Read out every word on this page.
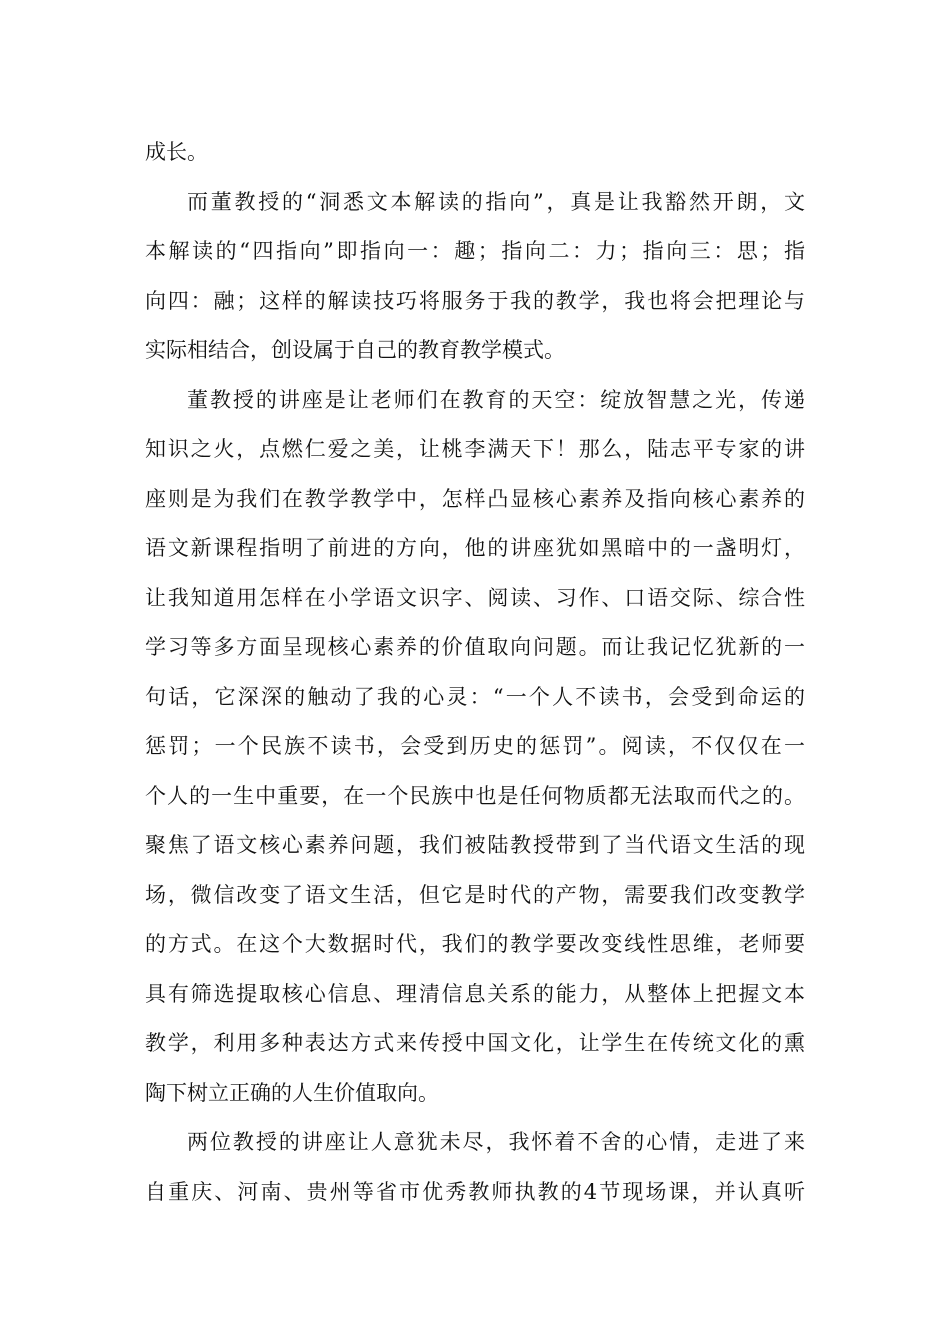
成长。
而董教授的“洞悉文本解读的指向”，真是让我豁然开朗，文
本解读的“四指向”即指向一：趣；指向二：力；指向三：思；指
向四：融；这样的解读技巧将服务于我的教学，我也将会把理论与
实际相结合，创设属于自己的教育教学模式。
董教授的讲座是让老师们在教育的天空：绽放智慧之光，传递
知识之火，点燃仁爱之美，让桃李满天下！那么，陆志平专家的讲
座则是为我们在教学教学中，怎样凸显核心素养及指向核心素养的
语文新课程指明了前进的方向，他的讲座犹如黑暗中的一盏明灯，
让我知道用怎样在小学语文识字、阅读、习作、口语交际、综合性
学习等多方面呈现核心素养的价值取向问题。而让我记忆犹新的一
句话，它深深的触动了我的心灵：“一个人不读书，会受到命运的
惩罚；一个民族不读书，会受到历史的惩罚”。阅读，不仅仅在一
个人的一生中重要，在一个民族中也是任何物质都无法取而代之的。
聚焦了语文核心素养问题，我们被陆教授带到了当代语文生活的现
场，微信改变了语文生活，但它是时代的产物，需要我们改变教学
的方式。在这个大数据时代，我们的教学要改变线性思维，老师要
具有筛选提取核心信息、理清信息关系的能力，从整体上把握文本
教学，利用多种表达方式来传授中国文化，让学生在传统文化的熏
陶下树立正确的人生价值取向。
两位教授的讲座让人意犹未尽，我怀着不舍的心情，走进了来
自重庆、河南、贵州等省市优秀教师执教的4节现场课，并认真听
